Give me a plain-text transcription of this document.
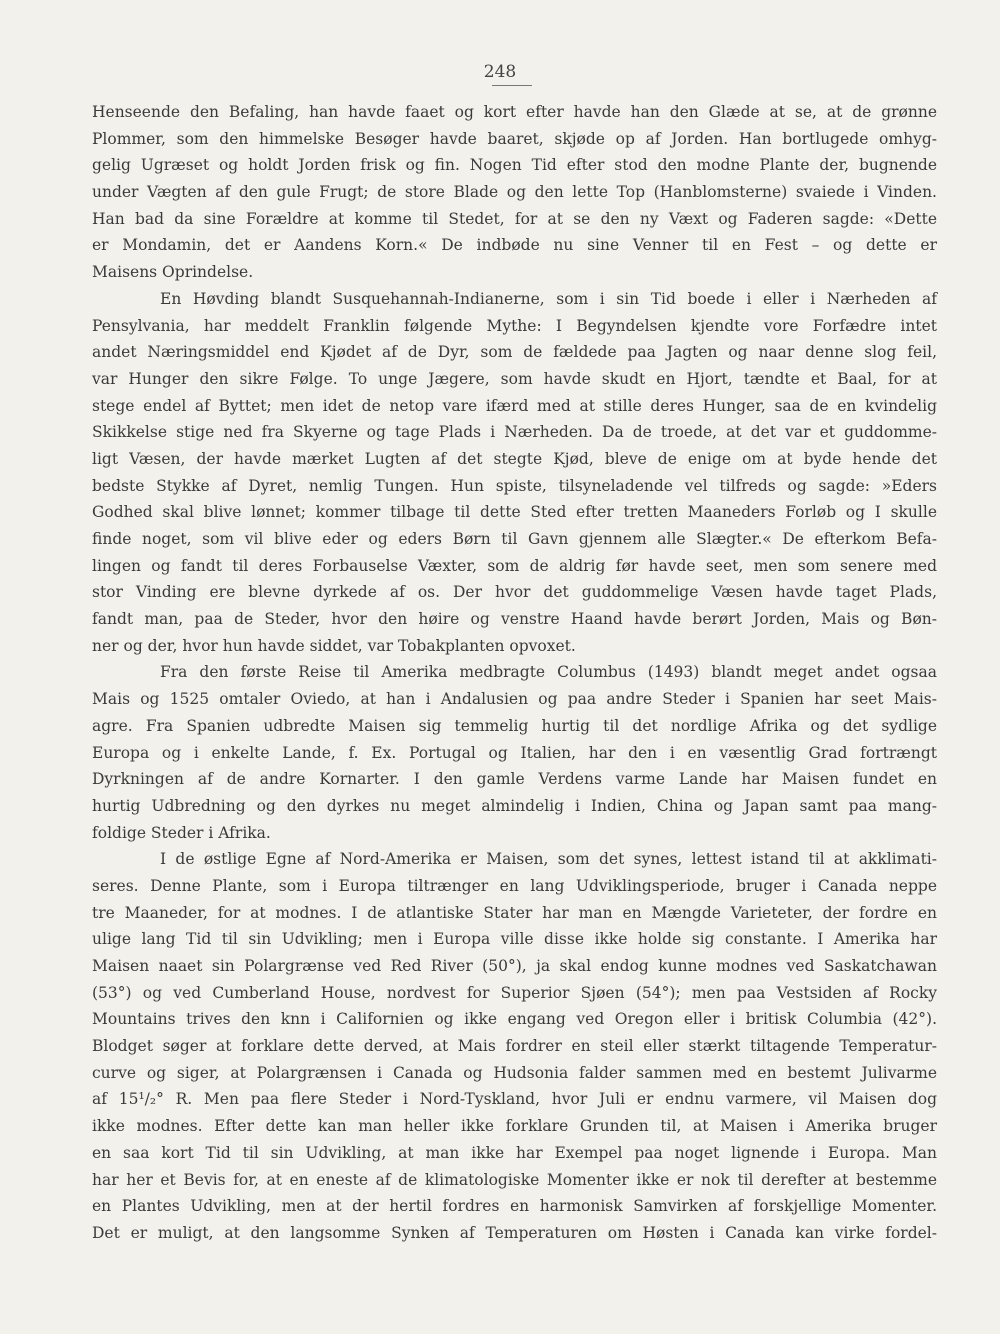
248
Henseende den Befaling, han havde faaet og kort efter havde han den Glæde at se, at de grønne
Plommer, som den himmelske Besøger havde baaret, skjøde op af Jorden. Han bortlugede omhyg-
gelig Ugræset og holdt Jorden frisk og fin. Nogen Tid efter stod den modne Plante der, bugnende
under Vægten af den gule Frugt; de store Blade og den lette Top (Hanblomsterne) svaiede i Vinden.
Han bad da sine Forældre at komme til Stedet, for at se den ny Væxt og Faderen sagde: «Dette
er Mondamin, det er Aandens Korn.« De indbøde nu sine Venner til en Fest – og dette er
Maisens Oprindelse.
En Høvding blandt Susquehannah-Indianerne, som i sin Tid boede i eller i Nærheden af
Pensylvania, har meddelt Franklin følgende Mythe: I Begyndelsen kjendte vore Forfædre intet
andet Næringsmiddel end Kjødet af de Dyr, som de fældede paa Jagten og naar denne slog feil,
var Hunger den sikre Følge. To unge Jægere, som havde skudt en Hjort, tændte et Baal, for at
stege endel af Byttet; men idet de netop vare ifærd med at stille deres Hunger, saa de en kvindelig
Skikkelse stige ned fra Skyerne og tage Plads i Nærheden. Da de troede, at det var et guddomme-
ligt Væsen, der havde mærket Lugten af det stegte Kjød, bleve de enige om at byde hende det
bedste Stykke af Dyret, nemlig Tungen. Hun spiste, tilsyneladende vel tilfreds og sagde: »Eders
Godhed skal blive lønnet; kommer tilbage til dette Sted efter tretten Maaneders Forløb og I skulle
finde noget, som vil blive eder og eders Børn til Gavn gjennem alle Slægter.« De efterkom Befa-
lingen og fandt til deres Forbauselse Væxter, som de aldrig før havde seet, men som senere med
stor Vinding ere blevne dyrkede af os. Der hvor det guddommelige Væsen havde taget Plads,
fandt man, paa de Steder, hvor den høire og venstre Haand havde berørt Jorden, Mais og Bøn-
ner og der, hvor hun havde siddet, var Tobakplanten opvoxet.
Fra den første Reise til Amerika medbragte Columbus (1493) blandt meget andet ogsaa
Mais og 1525 omtaler Oviedo, at han i Andalusien og paa andre Steder i Spanien har seet Mais-
agre. Fra Spanien udbredte Maisen sig temmelig hurtig til det nordlige Afrika og det sydlige
Europa og i enkelte Lande, f. Ex. Portugal og Italien, har den i en væsentlig Grad fortrængt
Dyrkningen af de andre Kornarter. I den gamle Verdens varme Lande har Maisen fundet en
hurtig Udbredning og den dyrkes nu meget almindelig i Indien, China og Japan samt paa mang-
foldige Steder i Afrika.
I de østlige Egne af Nord-Amerika er Maisen, som det synes, lettest istand til at akklimati-
seres. Denne Plante, som i Europa tiltrænger en lang Udviklingsperiode, bruger i Canada neppe
tre Maaneder, for at modnes. I de atlantiske Stater har man en Mængde Varieteter, der fordre en
ulige lang Tid til sin Udvikling; men i Europa ville disse ikke holde sig constante. I Amerika har
Maisen naaet sin Polargrænse ved Red River (50°), ja skal endog kunne modnes ved Saskatchawan
(53°) og ved Cumberland House, nordvest for Superior Sjøen (54°); men paa Vestsiden af Rocky
Mountains trives den knn i Californien og ikke engang ved Oregon eller i britisk Columbia (42°).
Blodget søger at forklare dette derved, at Mais fordrer en steil eller stærkt tiltagende Temperatur-
curve og siger, at Polargrænsen i Canada og Hudsonia falder sammen med en bestemt Julivarme
af 15¹/₂° R. Men paa flere Steder i Nord-Tyskland, hvor Juli er endnu varmere, vil Maisen dog
ikke modnes. Efter dette kan man heller ikke forklare Grunden til, at Maisen i Amerika bruger
en saa kort Tid til sin Udvikling, at man ikke har Exempel paa noget lignende i Europa. Man
har her et Bevis for, at en eneste af de klimatologiske Momenter ikke er nok til derefter at bestemme
en Plantes Udvikling, men at der hertil fordres en harmonisk Samvirken af forskjellige Momenter.
Det er muligt, at den langsomme Synken af Temperaturen om Høsten i Canada kan virke fordel-
